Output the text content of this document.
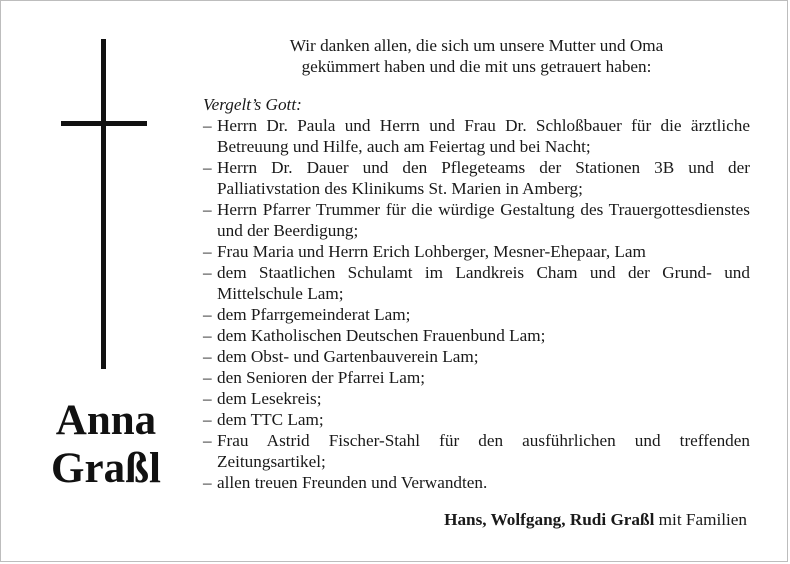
Anna
Graßl

Wir danken allen, die sich um unsere Mutter und Oma
gekümmert haben und die mit uns getrauert haben:

Vergelt’s Gott:
– Herrn Dr. Paula und Herrn und Frau Dr. Schloßbauer für die ärztliche Betreuung und Hilfe, auch am Feiertag und bei Nacht;
– Herrn Dr. Dauer und den Pflegeteams der Stationen 3B und der Palliativstation des Klinikums St. Marien in Amberg;
– Herrn Pfarrer Trummer für die würdige Gestaltung des Trauergottesdienstes und der Beerdigung;
– Frau Maria und Herrn Erich Lohberger, Mesner-Ehepaar, Lam
– dem Staatlichen Schulamt im Landkreis Cham und der Grund- und Mittelschule Lam;
– dem Pfarrgemeinderat Lam;
– dem Katholischen Deutschen Frauenbund Lam;
– dem Obst- und Gartenbauverein Lam;
– den Senioren der Pfarrei Lam;
– dem Lesekreis;
– dem TTC Lam;
– Frau Astrid Fischer-Stahl für den ausführlichen und treffenden Zeitungsartikel;
– allen treuen Freunden und Verwandten.
Hans, Wolfgang, Rudi Graßl mit Familien
